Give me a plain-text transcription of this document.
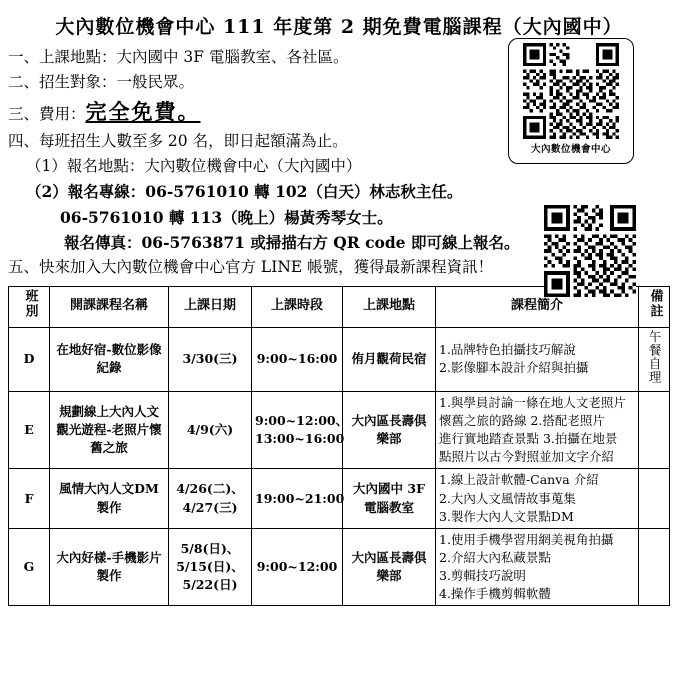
大內數位機會中心 111 年度第 2 期免費電腦課程（大內國中）
一、上課地點：大內國中 3F 電腦教室、各社區。
二、招生對象：一般民眾。
三、費用：完全免費。
四、每班招生人數至多 20 名，即日起額滿為止。
（1）報名地點：大內數位機會中心（大內國中）
（2）報名專線：06-5761010 轉 102（白天）林志秋主任。
06-5761010 轉 113（晚上）楊黃秀琴女士。
報名傳真：06-5763871 或掃描右方 QR code 即可線上報名。
五、快來加入大內數位機會中心官方 LINE 帳號，獲得最新課程資訊！
大內數位機會中心
班別	開課課程名稱	上課日期	上課時段	上課地點	課程簡介	備註
D	在地好宿-數位影像紀錄	3/30(三)	9:00~16:00	侑月觀荷民宿	1.品牌特色拍攝技巧解說
2.影像腳本設計介紹與拍攝	午餐自理
E	規劃線上大內人文觀光遊程-老照片懷舊之旅	4/9(六)	9:00~12:00、
13:00~16:00	大內區長壽俱樂部	1.與學員討論一條在地人文老照片懷舊之旅的路線 2.搭配老照片
進行實地踏查景點 3.拍攝在地景
點照片以古今對照並加文字介紹	

F	風情大內人文DM 製作	4/26(二)、
4/27(三)	19:00~21:00	大內國中 3F 電腦教室	1.線上設計軟體-Canva 介紹
2.大內人文風情故事蒐集
3.製作大內人文景點DM	

G	大內好樣-手機影片製作	5/8(日)、
5/15(日)、
5/22(日)	9:00~12:00	大內區長壽俱樂部	1.使用手機學習用網美視角拍攝
2.介紹大內私藏景點
3.剪輯技巧說明
4.操作手機剪輯軟體	
